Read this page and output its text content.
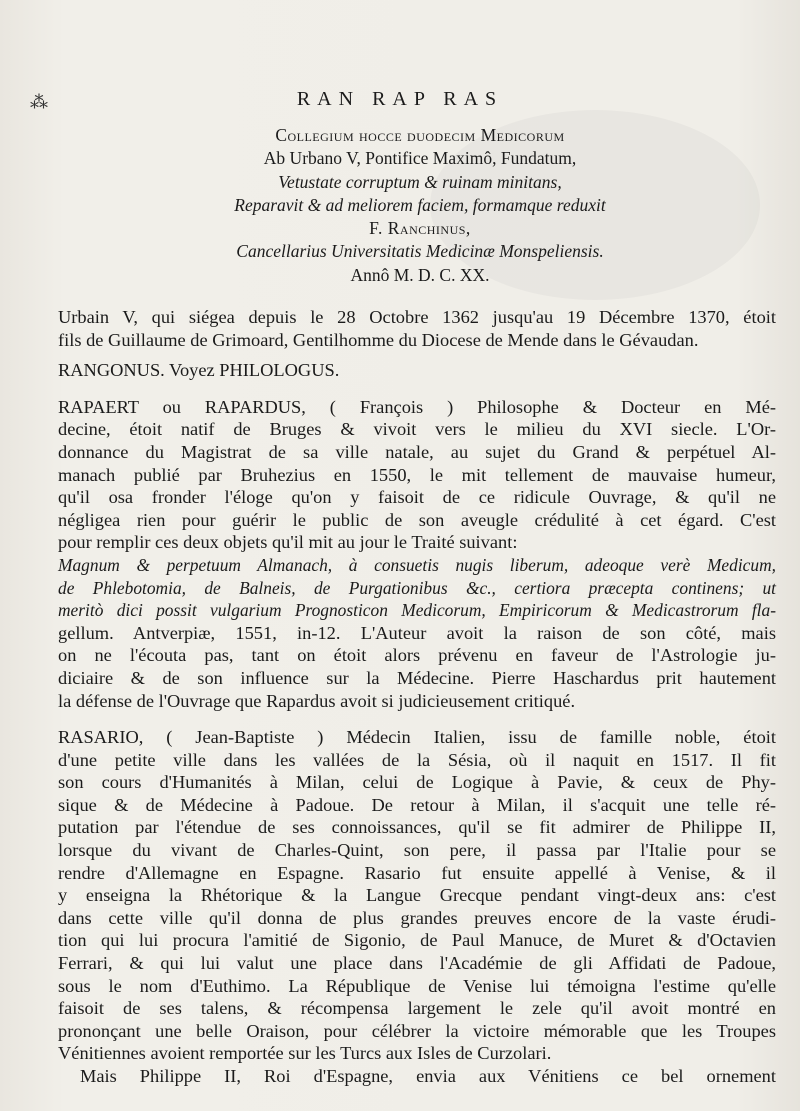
⁂	RAN RAP RAS
Collegium hocce duodecim Medicorum
Ab Urbano V, Pontifice Maximô, Fundatum,
Vetustate corruptum & ruinam minitans,
Reparavit & ad meliorem faciem, formamque reduxit
F. Ranchinus,
Cancellarius Universitatis Medicinæ Monspeliensis.
Annô M. D. C. XX.
Urbain V, qui siégea depuis le 28 Octobre 1362 jusqu'au 19 Décembre 1370, étoit
fils de Guillaume de Grimoard, Gentilhomme du Diocese de Mende dans le Gévaudan.
RANGONUS. Voyez PHILOLOGUS.
RAPAERT ou RAPARDUS, ( François ) Philosophe & Docteur en Mé-
decine, étoit natif de Bruges & vivoit vers le milieu du XVI siecle. L'Or-
donnance du Magistrat de sa ville natale, au sujet du Grand & perpétuel Al-
manach publié par Bruhezius en 1550, le mit tellement de mauvaise humeur,
qu'il osa fronder l'éloge qu'on y faisoit de ce ridicule Ouvrage, & qu'il ne
négligea rien pour guérir le public de son aveugle crédulité à cet égard. C'est
pour remplir ces deux objets qu'il mit au jour le Traité suivant:
Magnum & perpetuum Almanach, à consuetis nugis liberum, adeoque verè Medicum,
de Phlebotomia, de Balneis, de Purgationibus &c., certiora præcepta continens; ut
meritò dici possit vulgarium Prognosticon Medicorum, Empiricorum & Medicastrorum fla-
gellum. Antverpiæ, 1551, in-12. L'Auteur avoit la raison de son côté, mais
on ne l'écouta pas, tant on étoit alors prévenu en faveur de l'Astrologie ju-
diciaire & de son influence sur la Médecine. Pierre Haschardus prit hautement
la défense de l'Ouvrage que Rapardus avoit si judicieusement critiqué.
RASARIO, ( Jean-Baptiste ) Médecin Italien, issu de famille noble, étoit
d'une petite ville dans les vallées de la Sésia, où il naquit en 1517. Il fit
son cours d'Humanités à Milan, celui de Logique à Pavie, & ceux de Phy-
sique & de Médecine à Padoue. De retour à Milan, il s'acquit une telle ré-
putation par l'étendue de ses connoissances, qu'il se fit admirer de Philippe II,
lorsque du vivant de Charles-Quint, son pere, il passa par l'Italie pour se
rendre d'Allemagne en Espagne. Rasario fut ensuite appellé à Venise, & il
y enseigna la Rhétorique & la Langue Grecque pendant vingt-deux ans: c'est
dans cette ville qu'il donna de plus grandes preuves encore de la vaste érudi-
tion qui lui procura l'amitié de Sigonio, de Paul Manuce, de Muret & d'Octavien
Ferrari, & qui lui valut une place dans l'Académie de gli Affidati de Padoue,
sous le nom d'Euthimo. La République de Venise lui témoigna l'estime qu'elle
faisoit de ses talens, & récompensa largement le zele qu'il avoit montré en
prononçant une belle Oraison, pour célébrer la victoire mémorable que les Troupes
Vénitiennes avoient remportée sur les Turcs aux Isles de Curzolari.
Mais Philippe II, Roi d'Espagne, envia aux Vénitiens ce bel ornement
